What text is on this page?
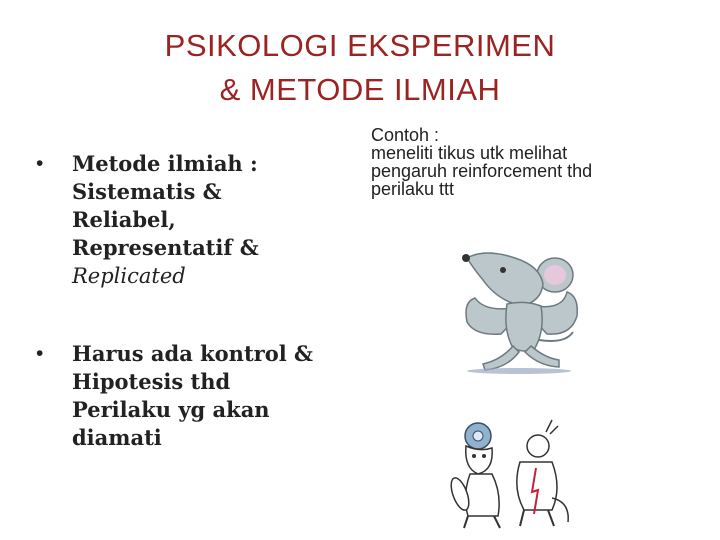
PSIKOLOGI EKSPERIMEN
& METODE ILMIAH
•	Metode ilmiah :
Sistematis &
Reliabel,
Representatif &
Replicated
•	Harus ada kontrol &
Hipotesis thd
Perilaku yg akan
diamati
Contoh :
meneliti tikus utk melihat
pengaruh reinforcement thd
perilaku ttt
